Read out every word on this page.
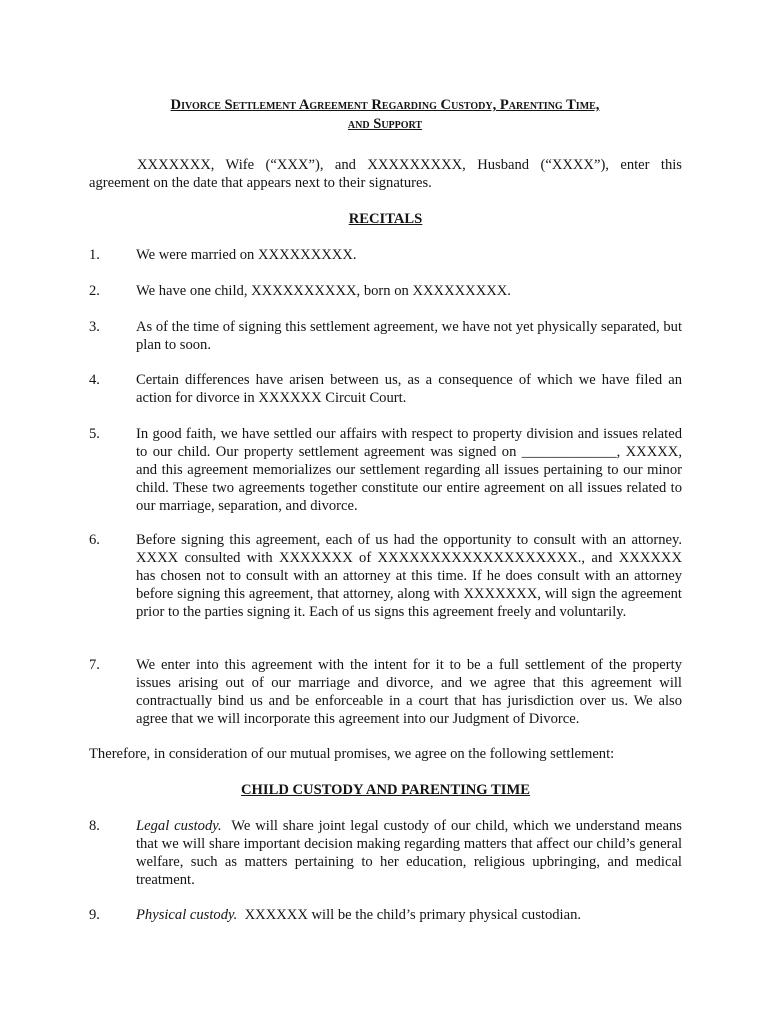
Divorce Settlement Agreement Regarding Custody, Parenting Time,
and Support
XXXXXXX, Wife (“XXX”), and XXXXXXXXX, Husband (“XXXX”), enter this agreement on the date that appears next to their signatures.
RECITALS
1.	We were married on XXXXXXXXX.
2.	We have one child, XXXXXXXXXX, born on XXXXXXXXX.
3.	As of the time of signing this settlement agreement, we have not yet physically separated, but plan to soon.
4.	Certain differences have arisen between us, as a consequence of which we have filed an action for divorce in XXXXXX Circuit Court.
5.	In good faith, we have settled our affairs with respect to property division and issues related to our child. Our property settlement agreement was signed on _____________, XXXXX, and this agreement memorializes our settlement regarding all issues pertaining to our minor child. These two agreements together constitute our entire agreement on all issues related to our marriage, separation, and divorce.
6.	Before signing this agreement, each of us had the opportunity to consult with an attorney. XXXX consulted with XXXXXXX of XXXXXXXXXXXXXXXXXXX., and XXXXXX has chosen not to consult with an attorney at this time. If he does consult with an attorney before signing this agreement, that attorney, along with XXXXXXX, will sign the agreement prior to the parties signing it. Each of us signs this agreement freely and voluntarily.
7.	We enter into this agreement with the intent for it to be a full settlement of the property issues arising out of our marriage and divorce, and we agree that this agreement will contractually bind us and be enforceable in a court that has jurisdiction over us. We also agree that we will incorporate this agreement into our Judgment of Divorce.
Therefore, in consideration of our mutual promises, we agree on the following settlement:
CHILD CUSTODY AND PARENTING TIME
8.	Legal custody. We will share joint legal custody of our child, which we understand means that we will share important decision making regarding matters that affect our child’s general welfare, such as matters pertaining to her education, religious upbringing, and medical treatment.
9.	Physical custody. XXXXXX will be the child’s primary physical custodian.
